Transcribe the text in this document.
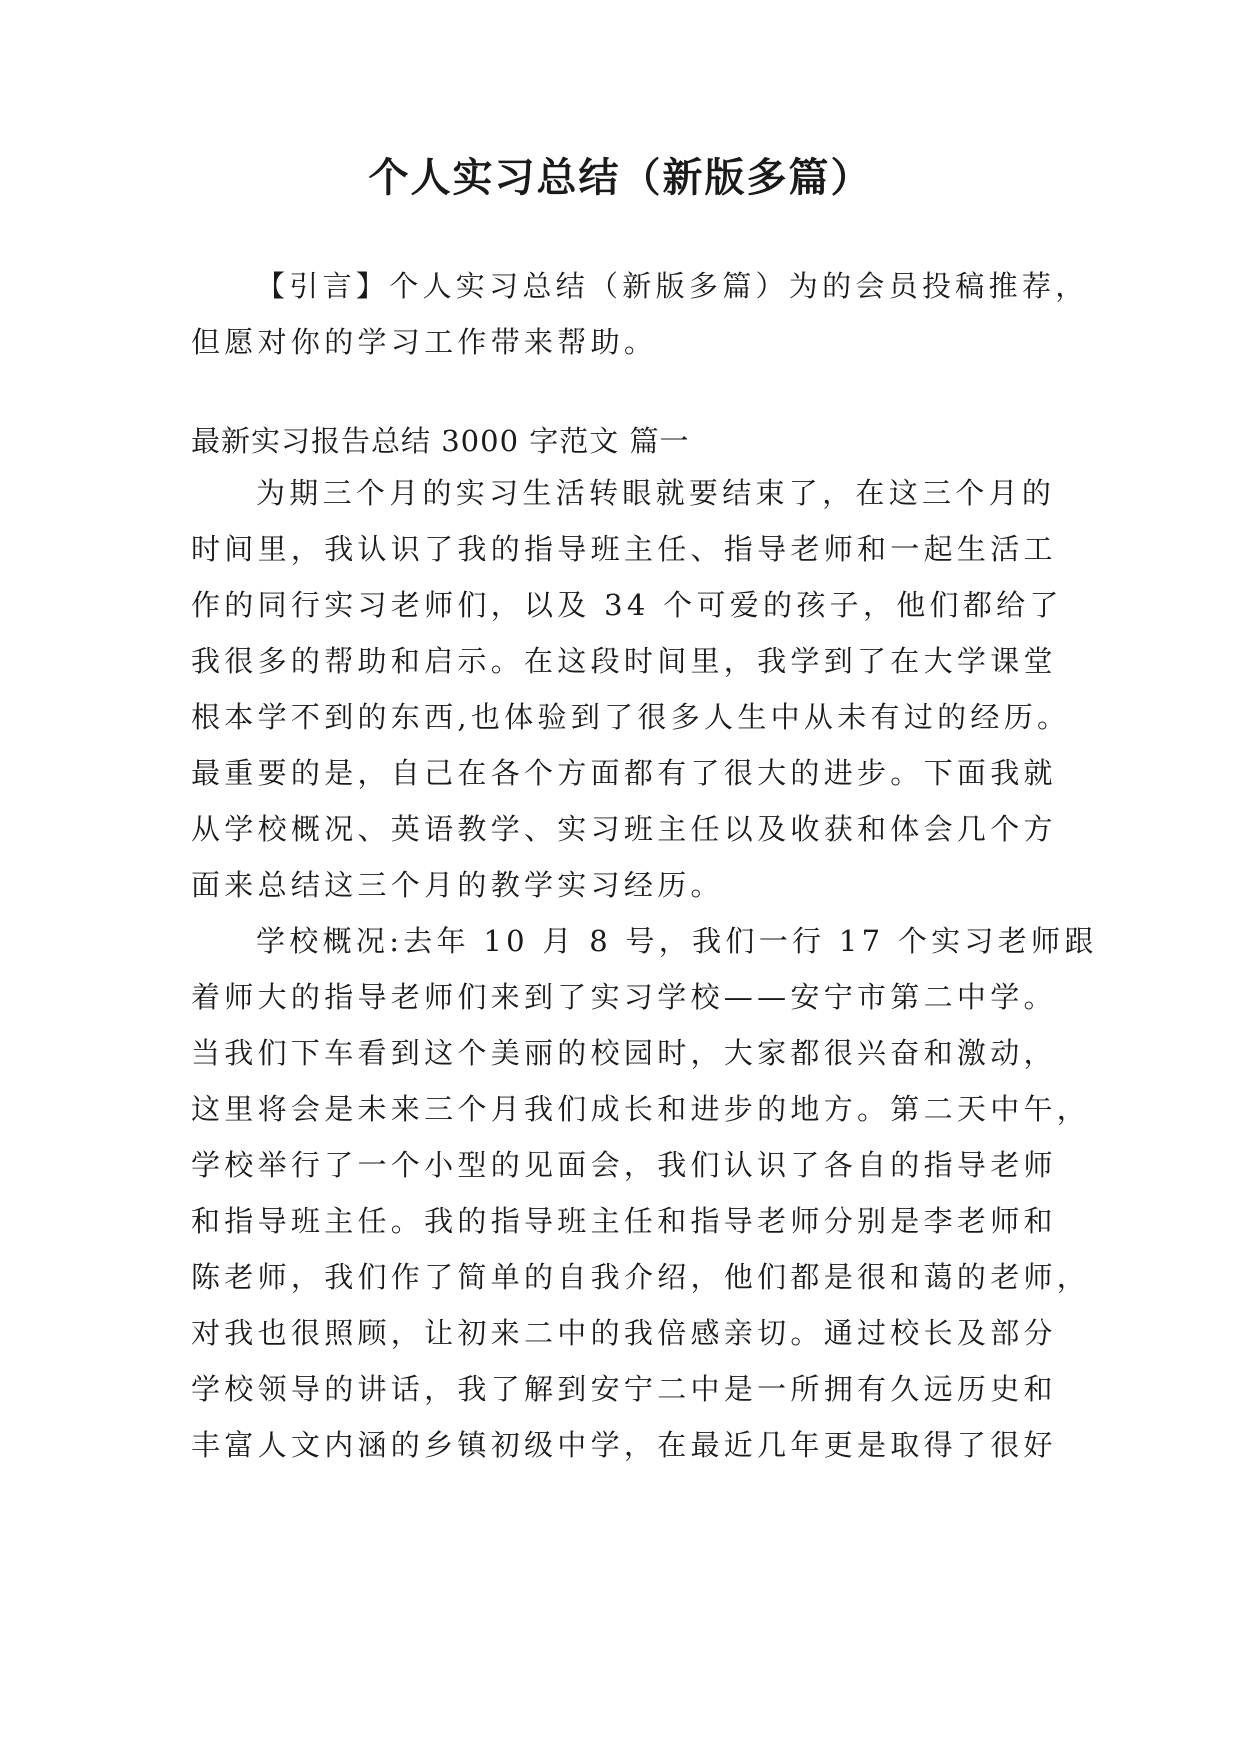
个人实习总结（新版多篇）

【引言】个人实习总结（新版多篇）为的会员投稿推荐，

但愿对你的学习工作带来帮助。

最新实习报告总结 3000 字范文 篇一

为期三个月的实习生活转眼就要结束了，在这三个月的

时间里，我认识了我的指导班主任、指导老师和一起生活工

作的同行实习老师们，以及 34 个可爱的孩子，他们都给了

我很多的帮助和启示。在这段时间里，我学到了在大学课堂

根本学不到的东西,也体验到了很多人生中从未有过的经历。

最重要的是，自己在各个方面都有了很大的进步。下面我就

从学校概况、英语教学、实习班主任以及收获和体会几个方

面来总结这三个月的教学实习经历。

学校概况:去年 10 月 8 号，我们一行 17 个实习老师跟

着师大的指导老师们来到了实习学校——安宁市第二中学。

当我们下车看到这个美丽的校园时，大家都很兴奋和激动，

这里将会是未来三个月我们成长和进步的地方。第二天中午，

学校举行了一个小型的见面会，我们认识了各自的指导老师

和指导班主任。我的指导班主任和指导老师分别是李老师和

陈老师，我们作了简单的自我介绍，他们都是很和蔼的老师，

对我也很照顾，让初来二中的我倍感亲切。通过校长及部分

学校领导的讲话，我了解到安宁二中是一所拥有久远历史和

丰富人文内涵的乡镇初级中学，在最近几年更是取得了很好
